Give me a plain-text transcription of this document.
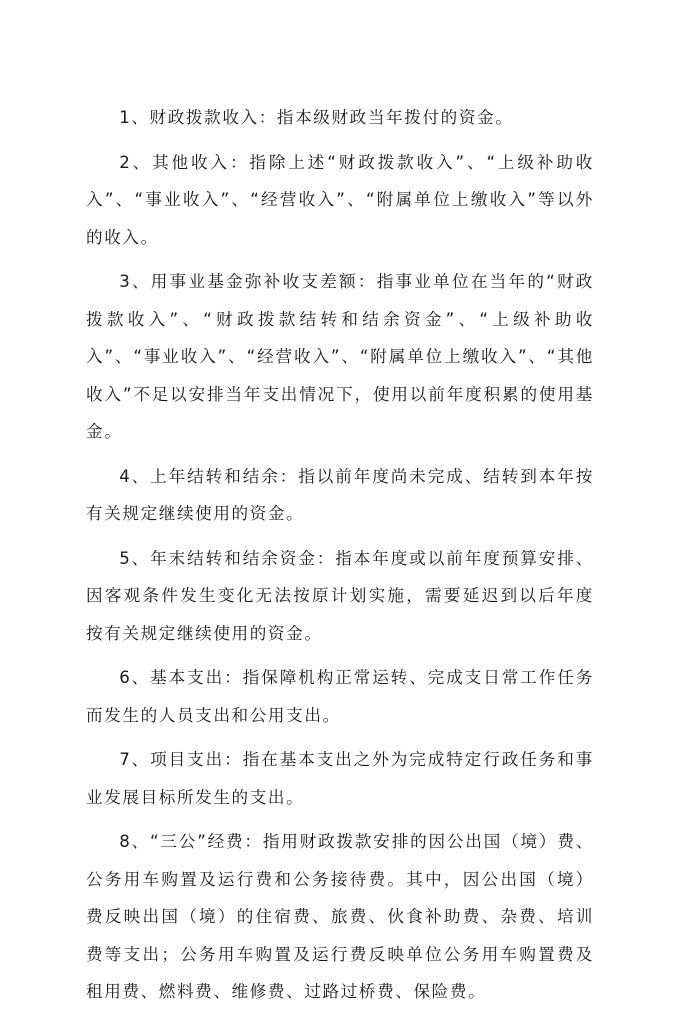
1、财政拨款收入：指本级财政当年拨付的资金。

2、其他收入：指除上述“财政拨款收入”、“上级补助收入”、“事业收入”、“经营收入”、“附属单位上缴收入”等以外的收入。

3、用事业基金弥补收支差额：指事业单位在当年的“财政拨款收入”、“财政拨款结转和结余资金”、“上级补助收入”、“事业收入”、“经营收入”、“附属单位上缴收入”、“其他收入”不足以安排当年支出情况下，使用以前年度积累的使用基金。

4、上年结转和结余：指以前年度尚未完成、结转到本年按有关规定继续使用的资金。

5、年末结转和结余资金：指本年度或以前年度预算安排、因客观条件发生变化无法按原计划实施，需要延迟到以后年度按有关规定继续使用的资金。

6、基本支出：指保障机构正常运转、完成支日常工作任务而发生的人员支出和公用支出。

7、项目支出：指在基本支出之外为完成特定行政任务和事业发展目标所发生的支出。

8、“三公”经费：指用财政拨款安排的因公出国（境）费、公务用车购置及运行费和公务接待费。其中，因公出国（境）费反映出国（境）的住宿费、旅费、伙食补助费、杂费、培训费等支出；公务用车购置及运行费反映单位公务用车购置费及租用费、燃料费、维修费、过路过桥费、保险费。
